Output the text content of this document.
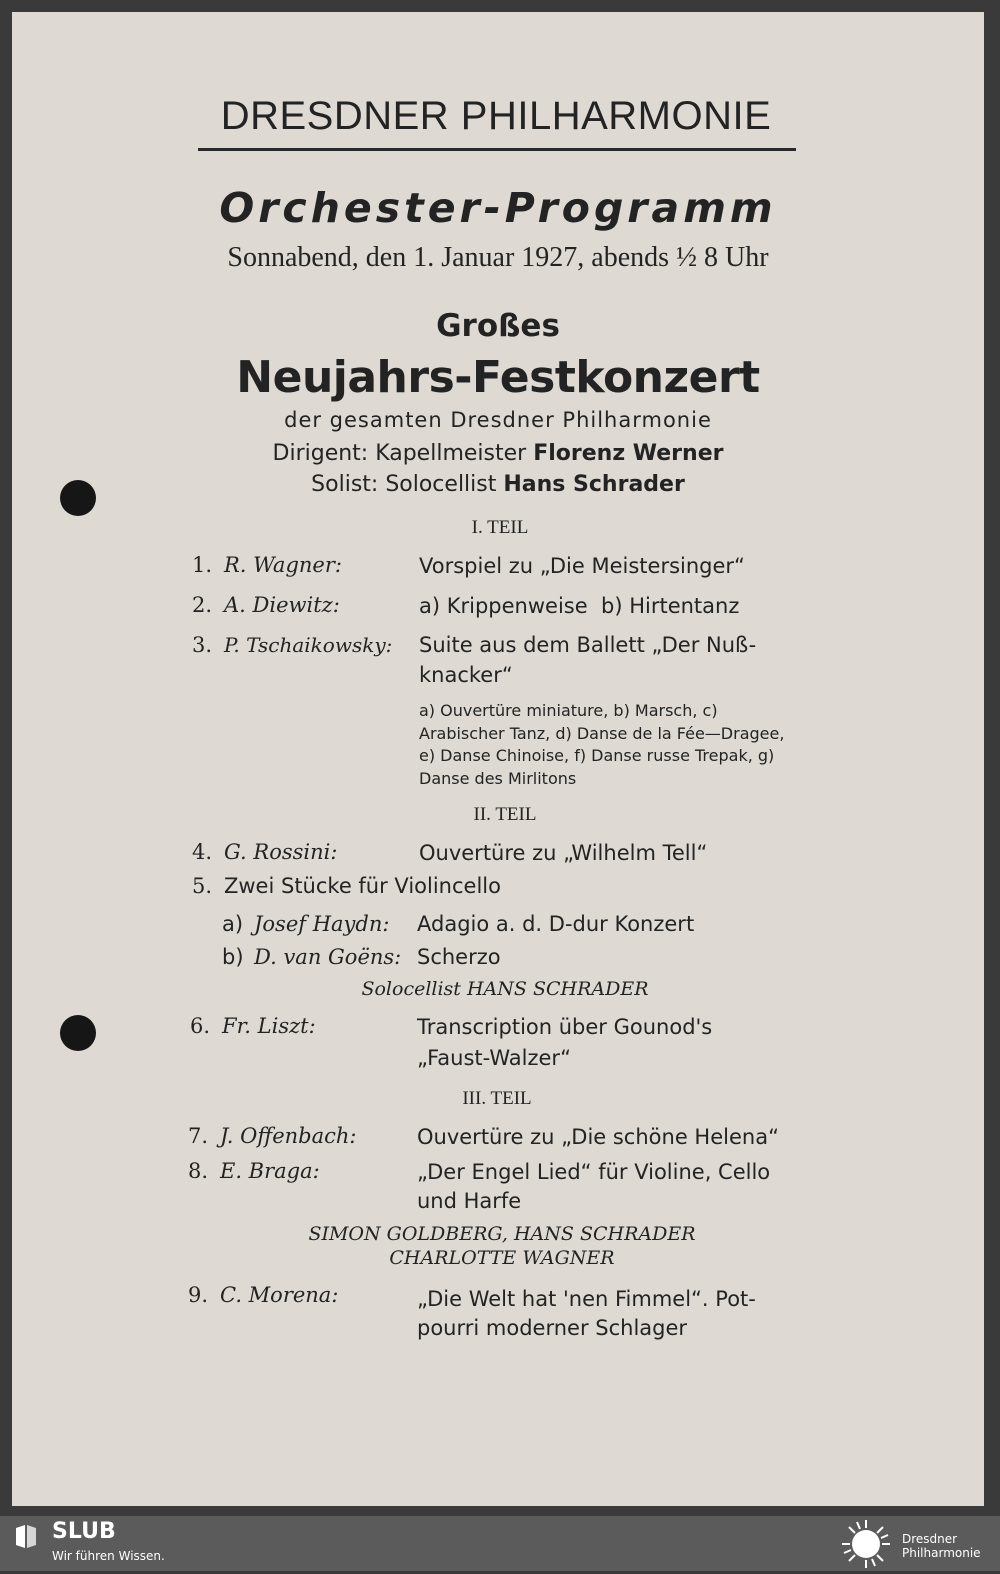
DRESDNER PHILHARMONIE
Orchester-Programm
Sonnabend, den 1. Januar 1927, abends ½ 8 Uhr
Großes
Neujahrs-Festkonzert
der gesamten Dresdner Philharmonie
Dirigent: Kapellmeister Florenz Werner
Solist: Solocellist Hans Schrader
I. TEIL
1. R. Wagner:	Vorspiel zu „Die Meistersinger“
2. A. Diewitz:	a) Krippenweise  b) Hirtentanz
3. P. Tschaikowsky: Suite aus dem Ballett „Der Nuß-
knacker“
a) Ouvertüre miniature, b) Marsch, c) Arabischer Tanz, d) Danse de la Fée—Dragee, e) Danse Chinoise, f) Danse russe Trepak, g) Danse des Mirlitons
II. TEIL
4. G. Rossini:	Ouvertüre zu „Wilhelm Tell“
5. Zwei Stücke für Violincello
a) Josef Haydn: Adagio a. d. D-dur Konzert
b) D. van Goëns: Scherzo
Solocellist HANS SCHRADER
6. Fr. Liszt:	Transcription über Gounod's
„Faust-Walzer“
III. TEIL
7. J. Offenbach:	Ouvertüre zu „Die schöne Helena“
8. E. Braga:	„Der Engel Lied“ für Violine, Cello
und Harfe
SIMON GOLDBERG, HANS SCHRADER
CHARLOTTE WAGNER
9. C. Morena:	„Die Welt hat 'nen Fimmel“. Pot-
pourri moderner Schlager
SLUB
Wir führen Wissen.
Dresdner
Philharmonie
